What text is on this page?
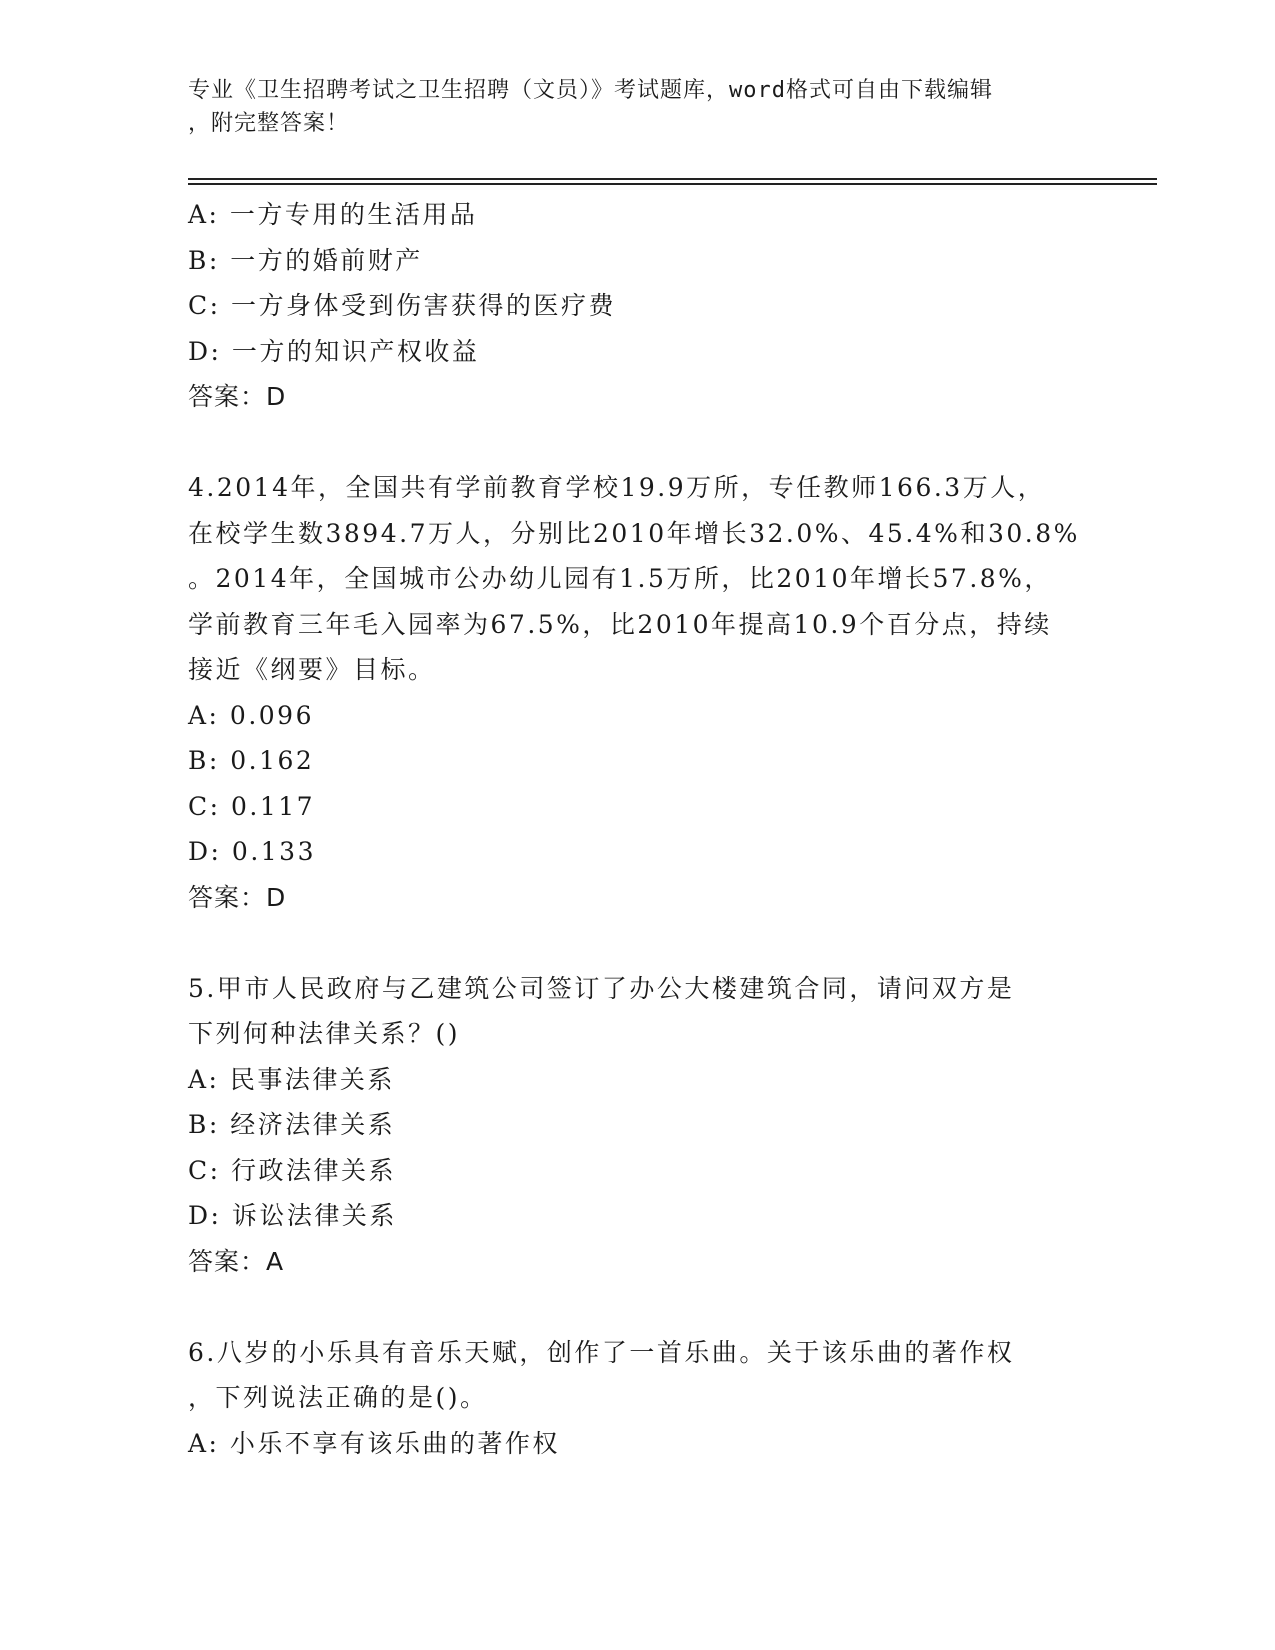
专业《卫生招聘考试之卫生招聘（文员）》考试题库，word格式可自由下载编辑
，附完整答案！
A: 一方专用的生活用品
B: 一方的婚前财产
C: 一方身体受到伤害获得的医疗费
D: 一方的知识产权收益
答案：D
4.2014年，全国共有学前教育学校19.9万所，专任教师166.3万人，
在校学生数3894.7万人，分别比2010年增长32.0%、45.4%和30.8%
。2014年，全国城市公办幼儿园有1.5万所，比2010年增长57.8%，
学前教育三年毛入园率为67.5%，比2010年提高10.9个百分点，持续
接近《纲要》目标。
A: 0.096
B: 0.162
C: 0.117
D: 0.133
答案：D
5.甲市人民政府与乙建筑公司签订了办公大楼建筑合同，请问双方是
下列何种法律关系？()
A: 民事法律关系
B: 经济法律关系
C: 行政法律关系
D: 诉讼法律关系
答案：A
6.八岁的小乐具有音乐天赋，创作了一首乐曲。关于该乐曲的著作权
，下列说法正确的是()。
A: 小乐不享有该乐曲的著作权
